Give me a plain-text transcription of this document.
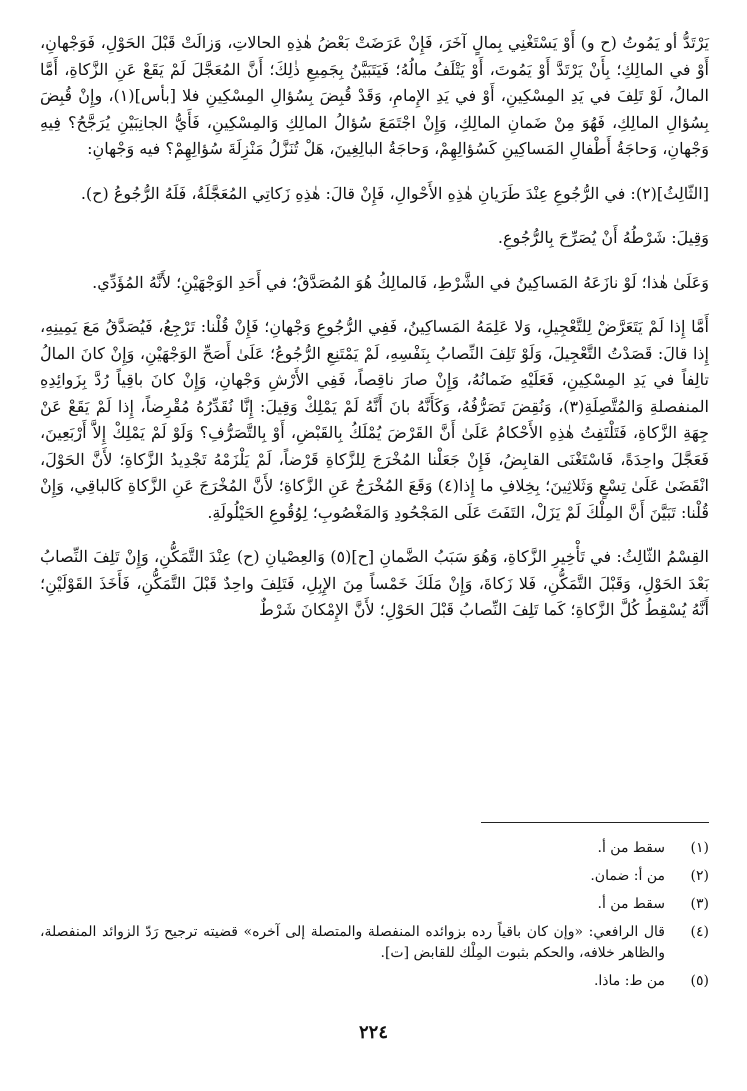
يَرْتَدُّ أو يَمُوتُ (ح و) أَوْ يَسْتَغْنِي بِمالٍ آخَرَ، فَإِنْ عَرَضَتْ بَعْضُ هٰذِهِ الحالاتِ، وَزالَتْ قَبْلَ الحَوْلِ، فَوَجْهانِ، أَوْ في المالِكِ؛ بِأَنْ يَرْتَدَّ أَوْ يَمُوتَ، أَوْ يَتْلَفُ مالُهُ؛ فَيَتَبَيَّنُ بِجَمِيعِ ذٰلِكَ؛ أَنَّ المُعَجَّلَ لَمْ يَقَعْ عَنِ الزَّكاةِ، أَمَّا المالُ، لَوْ تَلِفَ في يَدِ المِسْكِينِ، أَوْ في يَدِ الإِمامِ، وَقَدْ قُبِضَ بِسُؤالِ المِسْكِينِ فلا [بأس](١)، وإِنْ قُبِضَ بِسُؤالِ المالِكِ، فَهُوَ مِنْ ضَمانِ المالِكِ، وَإِنْ اجْتَمَعَ سُؤالُ المالِكِ وَالمِسْكِينِ، فَأَيُّ الجانِبَيْنِ يُرَجَّحُ؟ فِيهِ وَجْهانِ، وَحاجَةُ أَطْفالِ المَساكِينِ كَسُؤالِهِمْ، وَحاجَةُ البالِغِينَ، هَلْ تُنَزَّلُ مَنْزِلَةَ سُؤالِهِمْ؟ فيه وَجْهانِ:

[الثّالِثُ](٢): في الرُّجُوعِ عِنْدَ طَرَيانِ هٰذِهِ الأَحْوالِ، فَإِنْ قالَ: هٰذِهِ زَكاتِي المُعَجَّلَةُ، فَلَهُ الرُّجُوعُ (ح).

وَقِيلَ: شَرْطُهُ أَنْ يُصَرِّحَ بِالرُّجُوعِ.

وَعَلَىٰ هٰذا؛ لَوْ نازَعَهُ المَساكِينُ في الشَّرْطِ، فَالمالِكُ هُوَ المُصَدَّقُ؛ في أَحَدِ الوَجْهَيْنِ؛ لأَنَّهُ المُؤَدِّي.

أَمَّا إِذا لَمْ يَتَعَرَّضْ لِلتَّعْجِيلِ، وَلا عَلِمَهُ المَساكِينُ، فَفِي الرُّجُوعِ وَجْهانِ؛ فَإِنْ قُلْنا: تَرْجِعُ، فَيُصَدَّقُ مَعَ يَمِينِهِ، إِذا قالَ: قَصَدْتُ التَّعْجِيلَ، وَلَوْ تَلِفَ النِّصابُ بِنَفْسِهِ، لَمْ يَمْتَنِعِ الرُّجُوعُ؛ عَلَىٰ أَصَحِّ الوَجْهَيْنِ، وَإِنْ كانَ المالُ تالِفاً في يَدِ المِسْكِينِ، فَعَلَيْهِ ضَمانُهُ، وَإِنْ صارَ ناقِصاً، فَفِي الأَرْشِ وَجْهانِ، وَإِنْ كانَ باقِياً رُدَّ بِزَوائِدِهِ المنفصلةِ وَالمُتَّصِلَةِ(٣)، وَنُقِضَ تَصَرُّفُهُ، وَكَأَنَّهُ بانَ أَنَّهُ لَمْ يَمْلِكْ وَقِيلَ: إِنَّا نُقَدِّرُهُ مُقْرِضاً، إِذا لَمْ يَقَعْ عَنْ جِهَةِ الزَّكاةِ، فَتَلْتَفِتُ هٰذِهِ الأَحْكامُ عَلَىٰ أَنَّ القَرْضَ يُمْلَكُ بِالقَبْضِ، أَوْ بِالتَّصَرُّفِ؟ وَلَوْ لَمْ يَمْلِكْ إِلاَّ أَرْبَعِينَ، فَعَجَّلَ واحِدَةً، فَاسْتَغْنَى القابِضُ، فَإِنْ جَعَلْنا المُخْرَجَ لِلزَّكاةِ قَرْضاً، لَمْ يَلْزَمْهُ تَجْدِيدُ الزَّكاةِ؛ لأَنَّ الحَوْلَ، انْقَضَىٰ عَلَىٰ تِسْعٍ وَثَلاثِينَ؛ بِخِلافِ ما إِذا(٤) وَقَعَ المُخْرَجُ عَنِ الزَّكاةِ؛ لأَنَّ المُخْرَجَ عَنِ الزَّكاةِ كَالباقِي، وَإِنْ قُلْنا: تَبَيَّنَ أَنَّ المِلْكَ لَمْ يَزَلْ، التَفَتَ عَلَى المَجْحُودِ وَالمَغْصُوبِ؛ لِوُقُوعِ الحَيْلُولَةِ.

القِسْمُ الثّالِثُ: في تَأْخِيرِ الزَّكاةِ، وَهُوَ سَبَبُ الضَّمانِ [ح](٥) وَالعِصْيانِ (ح) عِنْدَ التَّمَكُّنِ، وَإِنْ تَلِفَ النِّصابُ بَعْدَ الحَوْلِ، وَقَبْلَ التَّمَكُّنِ، فَلا زَكاةَ، وَإِنْ مَلَكَ خَمْساً مِنَ الإِبِلِ، فَتَلِفَ واحِدٌ قَبْلَ التَّمَكُّنِ، فَأَخَذَ القَوْلَيْنِ؛ أَنَّهُ يُسْقِطُ كُلَّ الزَّكاةِ؛ كَما تَلِفَ النِّصابُ قَبْلَ الحَوْلِ؛ لأَنَّ الإِمْكانَ شَرْطٌ

(١)
سقط من أ.
(٢)
من أ: ضمان.
(٣)
سقط من أ.
(٤)
قال الرافعي: «وإن كان باقياً رده بزوائده المنفصلة والمتصلة إلى آخره» قضيته ترجيح رَدّ الزوائد المنفصلة، والظاهر خلافه، والحكم بثبوت المِلْك للقابض [ت].
(٥)
من ط: ماذا.
٢٢٤
